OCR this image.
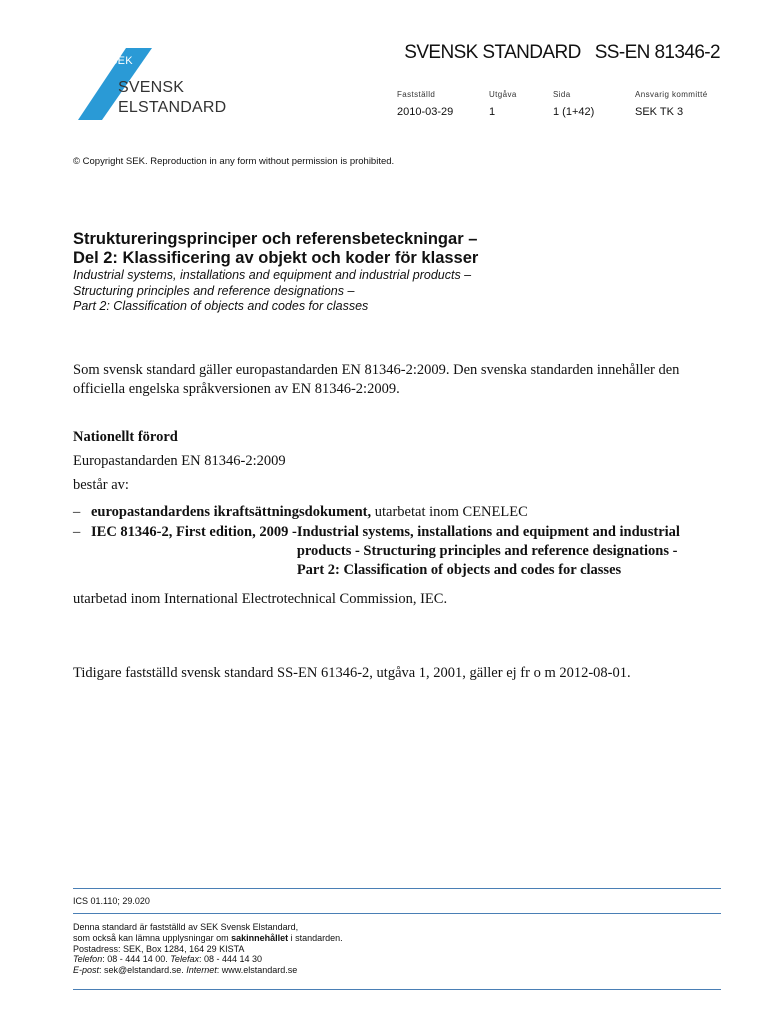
SVENSK STANDARD SS-EN 81346-2
SEK
SVENSK
ELSTANDARD
Fastställd	Utgåva	Sida	Ansvarig kommitté
2010-03-29	1	1 (1+42)	SEK TK 3
© Copyright SEK. Reproduction in any form without permission is prohibited.
Struktureringsprinciper och referensbeteckningar –
Del 2: Klassificering av objekt och koder för klasser
Industrial systems, installations and equipment and industrial products –
Structuring principles and reference designations –
Part 2: Classification of objects and codes for classes
Som svensk standard gäller europastandarden EN 81346-2:2009. Den svenska standarden innehåller den officiella engelska språkversionen av EN 81346-2:2009.
Nationellt förord
Europastandarden EN 81346-2:2009
består av:
– europastandardens ikraftsättningsdokument, utarbetat inom CENELEC
– IEC 81346-2, First edition, 2009 - Industrial systems, installations and equipment and industrial
products - Structuring principles and reference designations -
Part 2: Classification of objects and codes for classes
utarbetad inom International Electrotechnical Commission, IEC.
Tidigare fastställd svensk standard SS-EN 61346-2, utgåva 1, 2001, gäller ej fr o m 2012-08-01.
ICS 01.110; 29.020
Denna standard är fastställd av SEK Svensk Elstandard,
som också kan lämna upplysningar om sakinnehållet i standarden.
Postadress: SEK, Box 1284, 164 29 KISTA
Telefon: 08 - 444 14 00. Telefax: 08 - 444 14 30
E-post: sek@elstandard.se. Internet: www.elstandard.se
